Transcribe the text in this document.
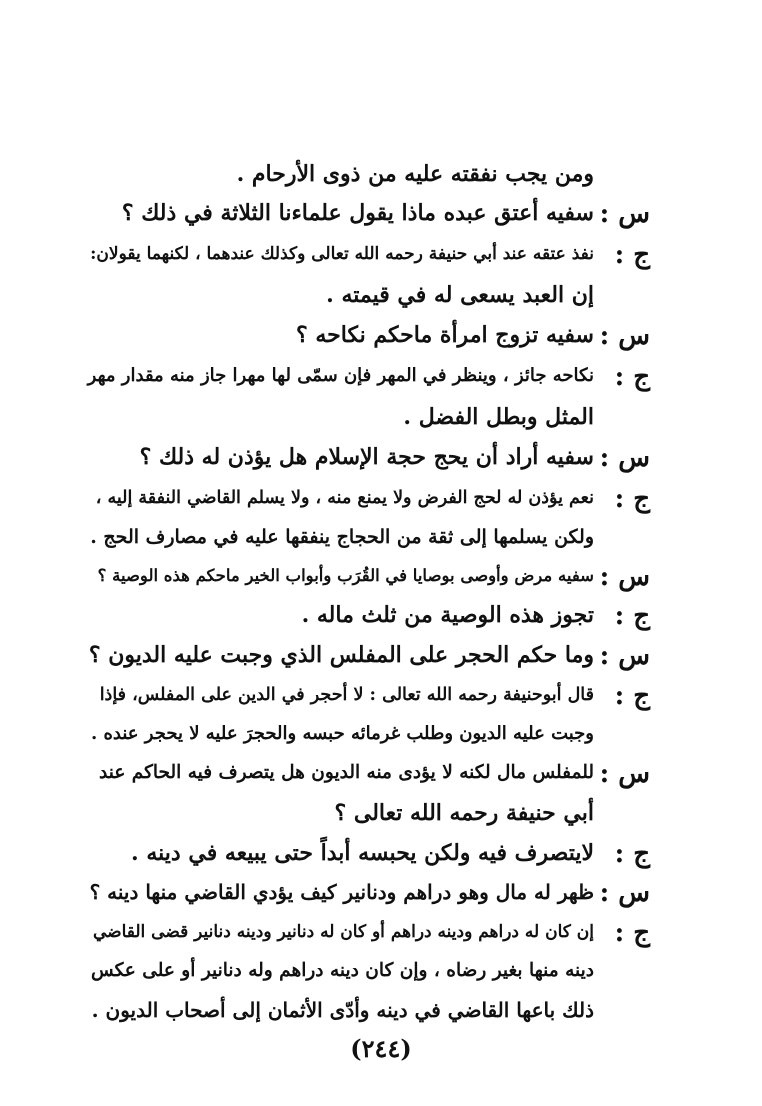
ومن يجب نفقته عليه من ذوى الأرحام .
س :
سفيه أعتق عبده ماذا يقول علماءنا الثلاثة في ذلك ؟
ج :
نفذ عتقه عند أبي حنيفة رحمه الله تعالى وكذلك عندهما ، لكنهما يقولان:
إن العبد يسعى له في قيمته .
س :
سفيه تزوج امرأة ماحكم نكاحه ؟
ج :
نكاحه جائز ، وينظر في المهر فإن سمّى لها مهرا جاز منه مقدار مهر
المثل وبطل الفضل .
س :
سفيه أراد أن يحج حجة الإسلام هل يؤذن له ذلك ؟
ج :
نعم يؤذن له لحج الفرض ولا يمنع منه ، ولا يسلم القاضي النفقة إليه ،
ولكن يسلمها إلى ثقة من الحجاج ينفقها عليه في مصارف الحج .
س :
سفيه مرض وأوصى بوصايا في القُرَب وأبواب الخير ماحكم هذه الوصية ؟
ج :
تجوز هذه الوصية من ثلث ماله .
س :
وما حكم الحجر على المفلس الذي وجبت عليه الديون ؟
ج :
قال أبوحنيفة رحمه الله تعالى : لا أحجر في الدين على المفلس، فإذا
وجبت عليه الديون وطلب غرمائه حبسه والحجرَ عليه لا يحجر عنده .
س :
للمفلس مال لكنه لا يؤدى منه الديون هل يتصرف فيه الحاكم عند
أبي حنيفة رحمه الله تعالى ؟
ج :
لايتصرف فيه ولكن يحبسه أبداً حتى يبيعه في دينه .
س :
ظهر له مال وهو دراهم ودنانير كيف يؤدي القاضي منها دينه ؟
ج :
إن كان له دراهم ودينه دراهم أو كان له دنانير ودينه دنانير قضى القاضي
دينه منها بغير رضاه ، وإن كان دينه دراهم وله دنانير أو على عكس
ذلك باعها القاضي في دينه وأدّى الأثمان إلى أصحاب الديون .
(٢٤٤)
